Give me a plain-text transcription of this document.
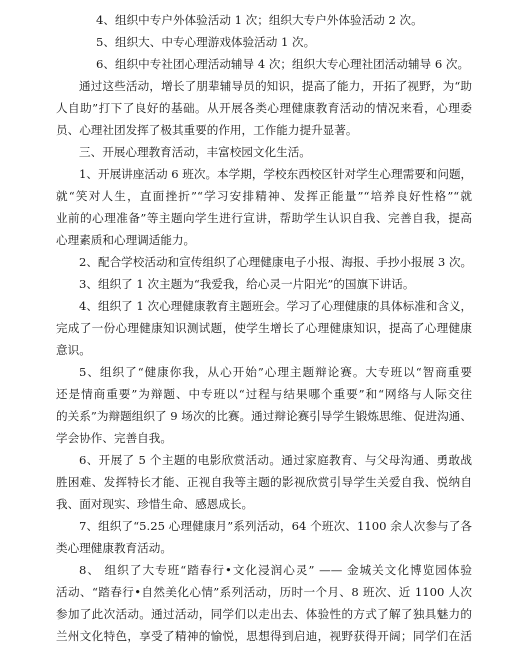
4、组织中专户外体验活动 1 次；组织大专户外体验活动 2 次。
5、组织大、中专心理游戏体验活动 1 次。
6、组织中专社团心理活动辅导 4 次；组织大专心理社团活动辅导 6 次。
通过这些活动，增长了朋辈辅导员的知识，提高了能力，开拓了视野，为“助
人自助”打下了良好的基础。从开展各类心理健康教育活动的情况来看，心理委
员、心理社团发挥了极其重要的作用，工作能力提升显著。
三、开展心理教育活动，丰富校园文化生活。
1、开展讲座活动 6 班次。本学期，学校东西校区针对学生心理需要和问题，
就“笑对人生，直面挫折”“学习安排精神、发挥正能量”“培养良好性格”“就
业前的心理准备”等主题向学生进行宣讲，帮助学生认识自我、完善自我，提高
心理素质和心理调适能力。
2、配合学校活动和宣传组织了心理健康电子小报、海报、手抄小报展 3 次。
3、组织了 1 次主题为“我爱我，给心灵一片阳光”的国旗下讲话。
4、组织了 1 次心理健康教育主题班会。学习了心理健康的具体标准和含义，
完成了一份心理健康知识测试题，使学生增长了心理健康知识，提高了心理健康
意识。
5、组织了“健康你我，从心开始”心理主题辩论赛。大专班以“智商重要
还是情商重要”为辩题、中专班以“过程与结果哪个重要”和“网络与人际交往
的关系”为辩题组织了 9 场次的比赛。通过辩论赛引导学生锻炼思维、促进沟通、
学会协作、完善自我。
6、开展了 5 个主题的电影欣赏活动。通过家庭教育、与父母沟通、勇敢战
胜困难、发挥特长才能、正视自我等主题的影视欣赏引导学生关爱自我、悦纳自
我、面对现实、珍惜生命、感恩成长。
7、组织了“5.25 心理健康月”系列活动，64 个班次、1100 余人次参与了各
类心理健康教育活动。
8、 组织了大专班“踏春行•文化浸润心灵” —— 金城关文化博览园体验
活动、“踏春行•自然美化心情”系列活动，历时一个月、8 班次、近 1100 人次
参加了此次活动。通过活动，同学们以走出去、体验性的方式了解了独具魅力的
兰州文化特色，享受了精神的愉悦，思想得到启迪，视野获得开阔；同学们在活
